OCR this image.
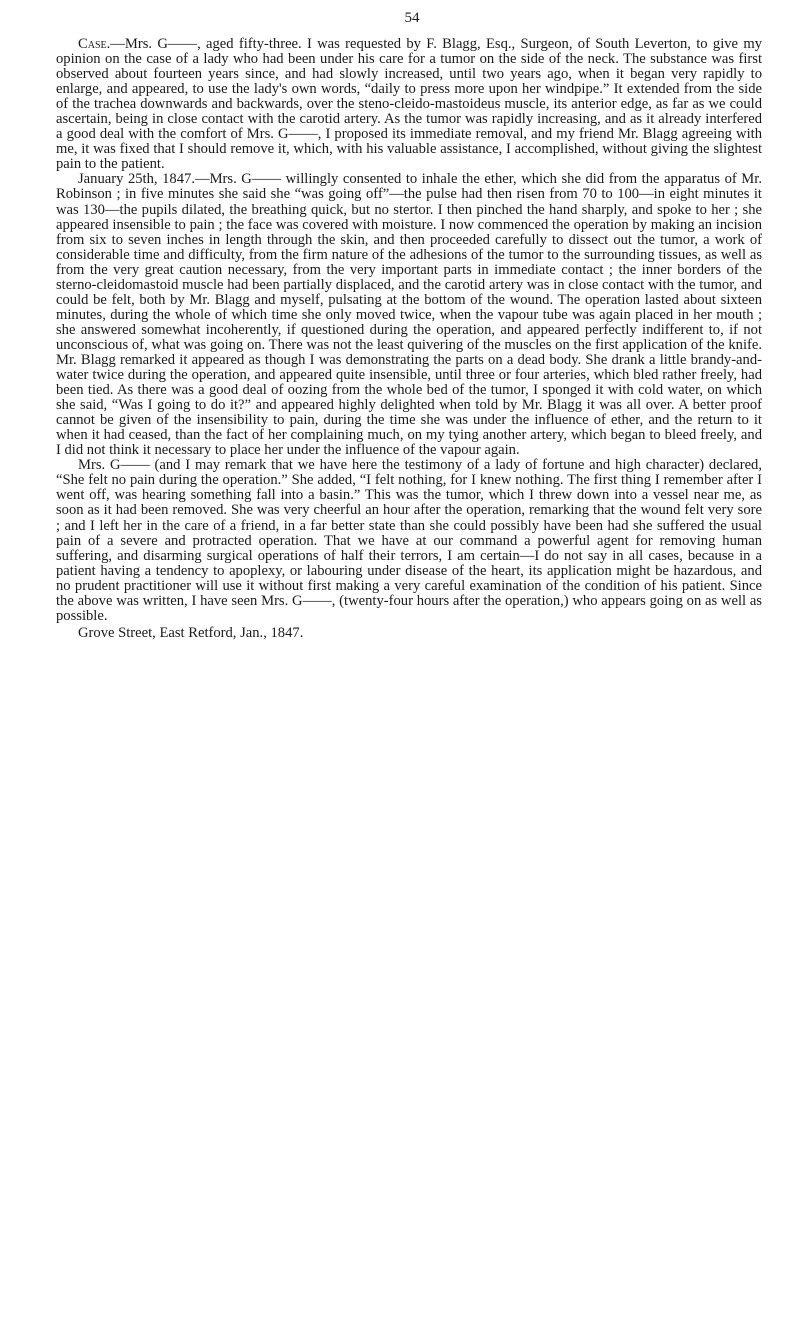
54

Case.—Mrs. G——, aged fifty-three. I was requested by F. Blagg, Esq., Surgeon, of South Leverton, to give my opinion on the case of a lady who had been under his care for a tumor on the side of the neck. The substance was first observed about fourteen years since, and had slowly increased, until two years ago, when it began very rapidly to enlarge, and appeared, to use the lady's own words, “daily to press more upon her windpipe.” It extended from the side of the trachea downwards and backwards, over the steno-cleido-mastoideus muscle, its anterior edge, as far as we could ascertain, being in close contact with the carotid artery. As the tumor was rapidly increasing, and as it already interfered a good deal with the comfort of Mrs. G——, I proposed its immediate removal, and my friend Mr. Blagg agreeing with me, it was fixed that I should remove it, which, with his valuable assistance, I accomplished, without giving the slightest pain to the patient.

January 25th, 1847.—Mrs. G—— willingly consented to inhale the ether, which she did from the apparatus of Mr. Robinson ; in five minutes she said she “was going off”—the pulse had then risen from 70 to 100—in eight minutes it was 130—the pupils dilated, the breathing quick, but no stertor. I then pinched the hand sharply, and spoke to her ; she appeared insensible to pain ; the face was covered with moisture. I now commenced the operation by making an incision from six to seven inches in length through the skin, and then proceeded carefully to dissect out the tumor, a work of considerable time and difficulty, from the firm nature of the adhesions of the tumor to the surrounding tissues, as well as from the very great caution necessary, from the very important parts in immediate contact ; the inner borders of the sterno-cleidomastoid muscle had been partially displaced, and the carotid artery was in close contact with the tumor, and could be felt, both by Mr. Blagg and myself, pulsating at the bottom of the wound. The operation lasted about sixteen minutes, during the whole of which time she only moved twice, when the vapour tube was again placed in her mouth ; she answered somewhat incoherently, if questioned during the operation, and appeared perfectly indifferent to, if not unconscious of, what was going on. There was not the least quivering of the muscles on the first application of the knife. Mr. Blagg remarked it appeared as though I was demonstrating the parts on a dead body. She drank a little brandy-and-water twice during the operation, and appeared quite insensible, until three or four arteries, which bled rather freely, had been tied. As there was a good deal of oozing from the whole bed of the tumor, I sponged it with cold water, on which she said, “Was I going to do it?” and appeared highly delighted when told by Mr. Blagg it was all over. A better proof cannot be given of the insensibility to pain, during the time she was under the influence of ether, and the return to it when it had ceased, than the fact of her complaining much, on my tying another artery, which began to bleed freely, and I did not think it necessary to place her under the influence of the vapour again.

Mrs. G—— (and I may remark that we have here the testimony of a lady of fortune and high character) declared, “She felt no pain during the operation.” She added, “I felt nothing, for I knew nothing. The first thing I remember after I went off, was hearing something fall into a basin.” This was the tumor, which I threw down into a vessel near me, as soon as it had been removed. She was very cheerful an hour after the operation, remarking that the wound felt very sore ; and I left her in the care of a friend, in a far better state than she could possibly have been had she suffered the usual pain of a severe and protracted operation. That we have at our command a powerful agent for removing human suffering, and disarming surgical operations of half their terrors, I am certain—I do not say in all cases, because in a patient having a tendency to apoplexy, or labouring under disease of the heart, its application might be hazardous, and no prudent practitioner will use it without first making a very careful examination of the condition of his patient. Since the above was written, I have seen Mrs. G——, (twenty-four hours after the operation,) who appears going on as well as possible.

Grove Street, East Retford, Jan., 1847.
